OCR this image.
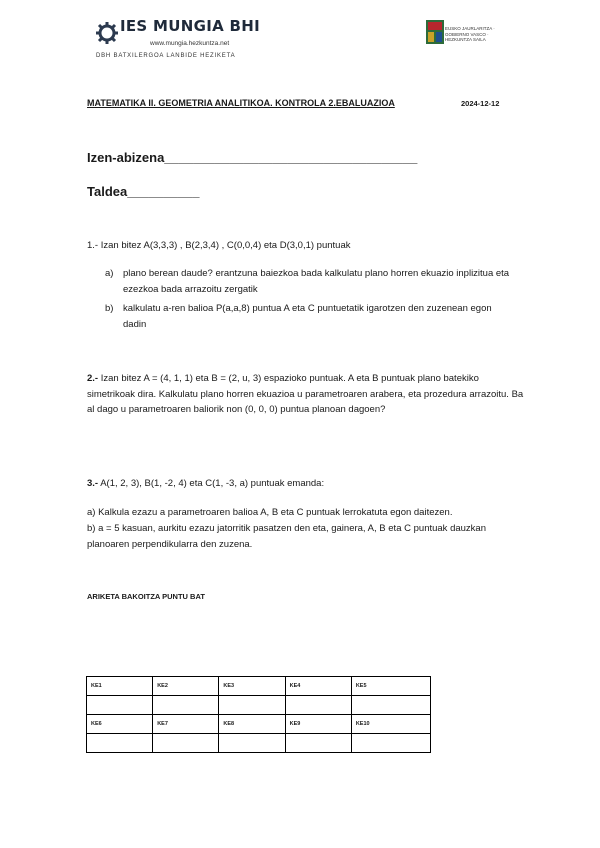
IES MUNGIA BHI
www.mungia.hezkuntza.net
DBH BATXILERGOA LANBIDE HEZIKETA
EUSKO JAURLARITZA · GOBIERNO VASCO · HEZKUNTZA SAILA
MATEMATIKA II. GEOMETRIA ANALITIKOA. KONTROLA 2.EBALUAZIOA	2024-12-12
Izen-abizena___________________________________
Taldea__________
1.- Izan bitez A(3,3,3) , B(2,3,4) , C(0,0,4) eta D(3,0,1) puntuak
a) plano berean daude? erantzuna baiezkoa bada kalkulatu plano horren ekuazio inplizitua eta ezezkoa bada arrazoitu zergatik
b) kalkulatu a-ren balioa P(a,a,8) puntua A eta C puntuetatik igarotzen den zuzenean egon dadin
2.- Izan bitez A = (4, 1, 1) eta B = (2, u, 3) espazioko puntuak. A eta B puntuak plano batekiko simetrikoak dira. Kalkulatu plano horren ekuazioa u parametroaren arabera, eta prozedura arrazoitu. Ba al dago u parametroaren baliorik non (0, 0, 0) puntua planoan dagoen?
3.- A(1, 2, 3), B(1, -2, 4) eta C(1, -3, a) puntuak emanda:
a) Kalkula ezazu a parametroaren balioa A, B eta C puntuak lerrokatuta egon daitezen.
b) a = 5 kasuan, aurkitu ezazu jatorritik pasatzen den eta, gainera, A, B eta C puntuak dauzkan planoaren perpendikularra den zuzena.
ARIKETA BAKOITZA PUNTU BAT
KE1	KE2	KE3	KE4	KE5

KE6	KE7	KE8	KE9	KE10
